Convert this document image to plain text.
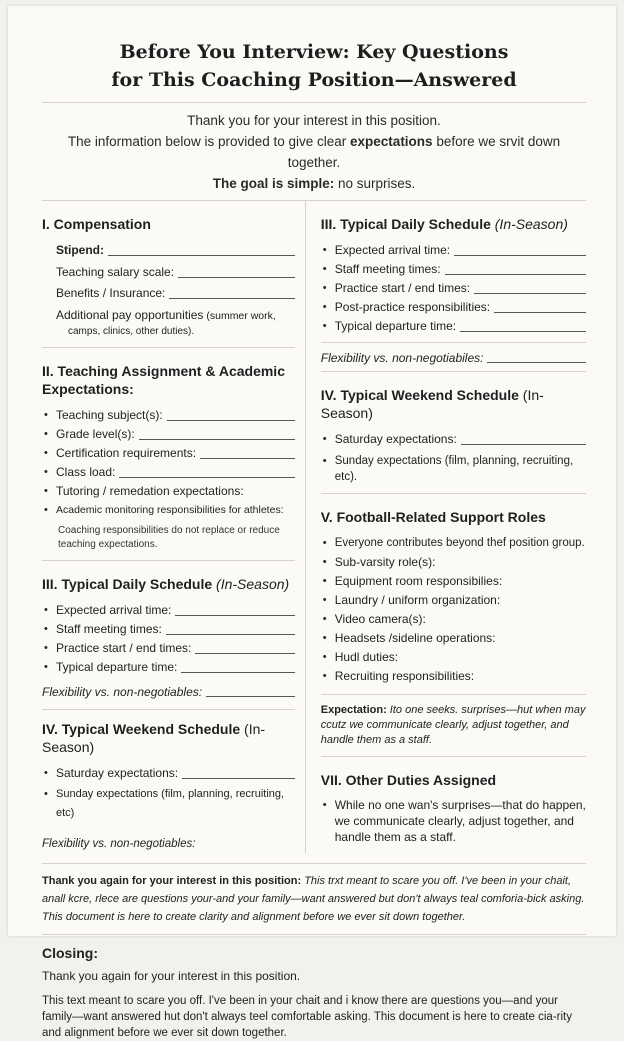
Before You Interview: Key Questions
for This Coaching Position—Answered
Thank you for your interest in this position.
The information below is provided to give clear expectations before we srvit down together.
The goal is simple: no surprises.
I. Compensation
Stipend:
Teaching salary scale:
Benefits / Insurance:
Additional pay opportunities (summer work,
camps, clinics, other duties).
II. Teaching Assignment & Academic Expectations:
• Teaching subject(s):
• Grade level(s):
• Certification requirements:
• Class load:
• Tutoring / remedation expectations:
• Academic monitoring responsibilities for athletes:
Coaching responsibilities do not replace or reduce teaching expectations.
III. Typical Daily Schedule (In-Season)
• Expected arrival time:
• Staff meeting times:
• Practice start / end times:
• Typical departure time:
Flexibility vs. non-negotiables:
IV. Typical Weekend Schedule (In-Season)
• Saturday expectations:
• Sunday expectations (film, planning, recruiting, etc)
Flexibility vs. non-negotiables:
III. Typical Daily Schedule (In-Season)
• Expected arrival time:
• Staff meeting times:
• Practice start / end times:
• Post-practice responsibilities:
• Typical departure time:
Flexibility vs. non-negotiabiles:
IV. Typical Weekend Schedule (In-Season)
• Saturday expectations:
• Sunday expectations (film, planning, recruiting, etc).
V. Football-Related Support Roles
• Everyone contributes beyond thef position group.
• Sub-varsity role(s):
• Equipment room responsibilies:
• Laundry / uniform organization:
• Video camera(s):
• Headsets /sideline operations:
• Hudl duties:
• Recruiting responsibilities:
Expectation: Ito one seeks. surprises—hut when may ccutz we communicate clearly, adjust together, and handle them as a staff.
VII. Other Duties Assigned
• While no one wan's surprises—that do happen, we communicate clearly, adjust together, and handle them as a staff.
Thank you again for your interest in this position: This trxt meant to scare you off. I've been in your chait, anall kcre, rlece are questions your-and your family—want answered but don't always teal comforia-bick asking. This document is here to create clarity and alignment before we ever sit down together.
Closing:

Thank you again for your interest in this position.

This text meant to scare you off. I've been in your chait and i know there are questions you—and your family—want answered hut don't always teel comfortable asking. This document is here to create cia-rity and alignment before we ever sit down together.
